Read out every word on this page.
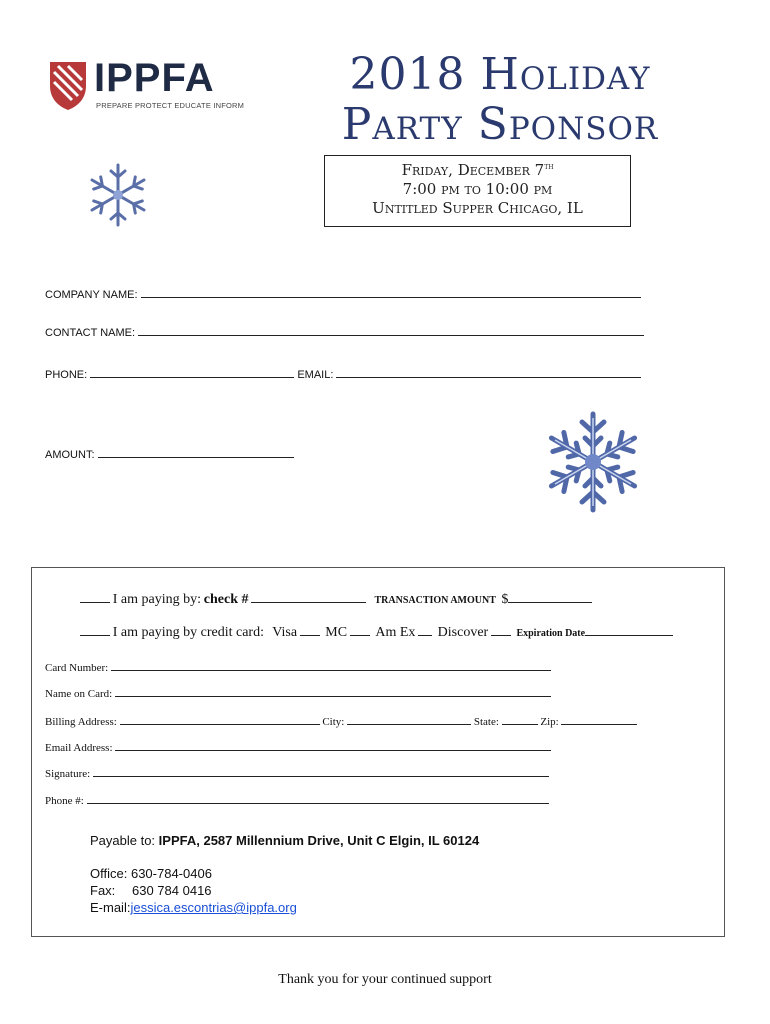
IPPFA
PREPARE PROTECT EDUCATE INFORM
2018 Holiday
Party Sponsor
Friday, December 7th
7:00 pm to 10:00 pm
Untitled Supper Chicago, IL
COMPANY NAME:
CONTACT NAME:
PHONE:	EMAIL:
AMOUNT:
I am paying by: check #	TRANSACTION AMOUNT $
I am paying by credit card: Visa MC Am Ex Discover	Expiration Date
Card Number:
Name on Card:
Billing Address:	City:	State:	Zip:
Email Address:
Signature:
Phone #:
Payable to: IPPFA, 2587 Millennium Drive, Unit C Elgin, IL 60124
Office: 630-784-0406
Fax: 630 784 0416
E-mail:jessica.escontrias@ippfa.org
Thank you for your continued support
